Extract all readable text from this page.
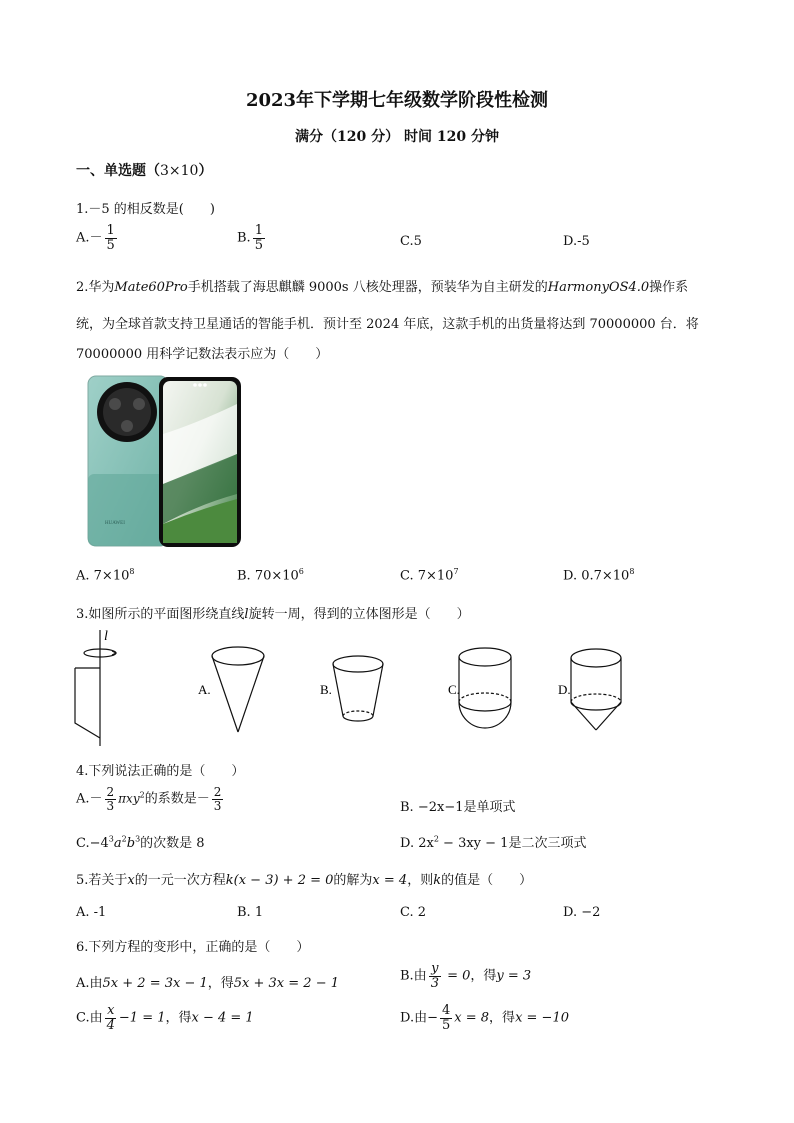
2023年下学期七年级数学阶段性检测
满分（120 分） 时间 120 分钟
一、单选题（3×10）
1.－5 的相反数是(　　)
$A.- \frac{1}{5}$	B. $\frac{1}{5}$	C.5	D.-5
2.华为Mate60Pro手机搭载了海思麒麟 9000s 八核处理器，预装华为自主研发的HarmonyOS4.0操作系
统，为全球首款支持卫星通话的智能手机．预计至 2024 年底，这款手机的出货量将达到 70000000 台．将
70000000 用科学记数法表示应为（　　）
HUAWEI
A. $7\times 10^8$	B. $70\times 10^6$	C. $7\times 10^7$	D. $0.7\times 10^8$
3.如图所示的平面图形绕直线l旋转一周，得到的立体图形是（　　）
l
A.	B.	C.	D.
4.下列说法正确的是（　　）
$A.- \frac{2}{3} \pi xy^2$的系数是－ $\frac{2}{3}$	B. −2x−1是单项式
$C.-4^3a^2b^3$的次数是 8	D. $2x^2 - 3xy - 1$是二次三项式
5.若关于x的一元一次方程k(x − 3) + 2 = 0的解为x = 4，则k的值是（　　）
A. -1	B. 1	C. 2	D. −2
6.下列方程的变形中，正确的是（　　）
A.由5x + 2 = 3x − 1，得5x + 3x = 2 − 1	B.由 $\frac{y}{3} = 0$，得y = 3
C.由 $\frac{x}{4} -1 = 1$，得x − 4 = 1	D.由− $\frac{4}{5}$ x = 8，得x = −10
